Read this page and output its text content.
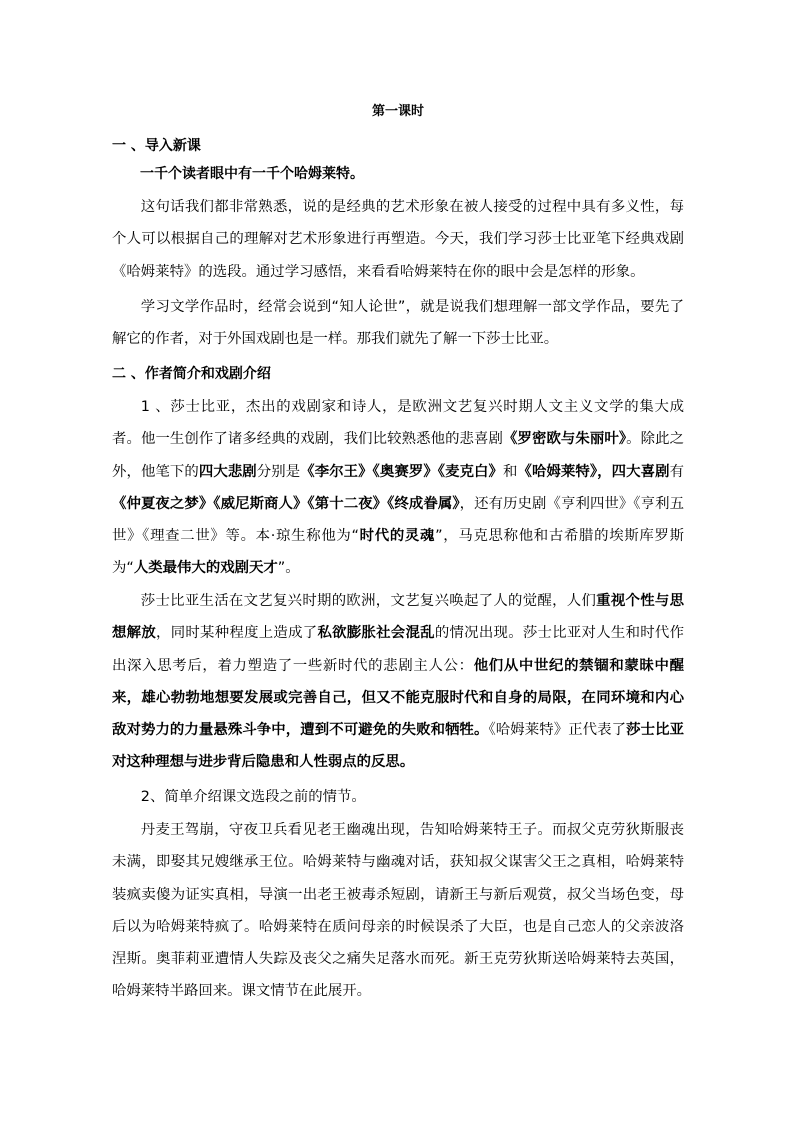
第一课时
一 、导入新课
一千个读者眼中有一千个哈姆莱特。

这句话我们都非常熟悉，说的是经典的艺术形象在被人接受的过程中具有多义性，每个人可以根据自己的理解对艺术形象进行再塑造。今天，我们学习莎士比亚笔下经典戏剧《哈姆莱特》的选段。通过学习感悟，来看看哈姆莱特在你的眼中会是怎样的形象。

学习文学作品时，经常会说到“知人论世”，就是说我们想理解一部文学作品，要先了解它的作者，对于外国戏剧也是一样。那我们就先了解一下莎士比亚。

二 、作者简介和戏剧介绍

1 、莎士比亚，杰出的戏剧家和诗人，是欧洲文艺复兴时期人文主义文学的集大成者。他一生创作了诸多经典的戏剧，我们比较熟悉他的悲喜剧《罗密欧与朱丽叶》。除此之外，他笔下的四大悲剧分别是《李尔王》《奥赛罗》《麦克白》和《哈姆莱特》，四大喜剧有《仲夏夜之梦》《威尼斯商人》《第十二夜》《终成眷属》，还有历史剧《亨利四世》《亨利五世》《理查二世》等。本·琼生称他为“时代的灵魂”，马克思称他和古希腊的埃斯库罗斯为“人类最伟大的戏剧天才”。

莎士比亚生活在文艺复兴时期的欧洲，文艺复兴唤起了人的觉醒，人们重视个性与思想解放，同时某种程度上造成了私欲膨胀社会混乱的情况出现。莎士比亚对人生和时代作出深入思考后，着力塑造了一些新时代的悲剧主人公：他们从中世纪的禁锢和蒙昧中醒来，雄心勃勃地想要发展或完善自己，但又不能克服时代和自身的局限，在同环境和内心敌对势力的力量悬殊斗争中，遭到不可避免的失败和牺牲。《哈姆莱特》正代表了莎士比亚对这种理想与进步背后隐患和人性弱点的反思。

2、简单介绍课文选段之前的情节。

丹麦王驾崩，守夜卫兵看见老王幽魂出现，告知哈姆莱特王子。而叔父克劳狄斯服丧未满，即娶其兄嫂继承王位。哈姆莱特与幽魂对话，获知叔父谋害父王之真相，哈姆莱特装疯卖傻为证实真相，导演一出老王被毒杀短剧，请新王与新后观赏，叔父当场色变，母后以为哈姆莱特疯了。哈姆莱特在质问母亲的时候误杀了大臣，也是自己恋人的父亲波洛涅斯。奥菲莉亚遭情人失踪及丧父之痛失足落水而死。新王克劳狄斯送哈姆莱特去英国，哈姆莱特半路回来。课文情节在此展开。
